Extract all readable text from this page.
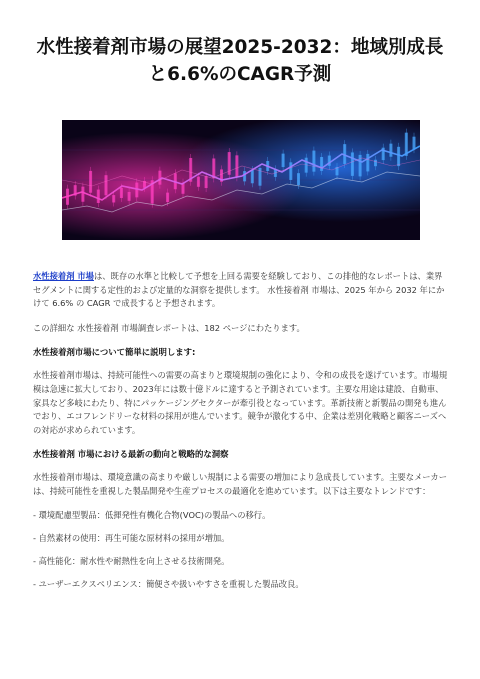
水性接着剤市場の展望2025-2032：地域別成長
と6.6%のCAGR予測

水性接着剤 市場は、既存の水準と比較して予想を上回る需要を経験しており、この排他的なレポートは、業界セグメントに関する定性的および定量的な洞察を提供します。 水性接着剤 市場は、2025 年から 2032 年にかけて 6.6% の CAGR で成長すると予想されます。

この詳細な 水性接着剤 市場調査レポートは、182 ページにわたります。

水性接着剤市場について簡単に説明します:

水性接着剤市場は、持続可能性への需要の高まりと環境規制の強化により、令和の成長を遂げています。市場規模は急速に拡大しており、2023年には数十億ドルに達すると予測されています。主要な用途は建設、自動車、家具など多岐にわたり、特にパッケージングセクターが牽引役となっています。革新技術と新製品の開発も進んでおり、エコフレンドリーな材料の採用が進んでいます。競争が激化する中、企業は差別化戦略と顧客ニーズへの対応が求められています。

水性接着剤 市場における最新の動向と戦略的な洞察

水性接着剤市場は、環境意識の高まりや厳しい規制による需要の増加により急成長しています。主要なメーカーは、持続可能性を重視した製品開発や生産プロセスの最適化を進めています。以下は主要なトレンドです：

- 環境配慮型製品：低揮発性有機化合物(VOC)の製品への移行。

- 自然素材の使用：再生可能な原材料の採用が増加。

- 高性能化：耐水性や耐熱性を向上させる技術開発。

- ユーザーエクスペリエンス：簡便さや扱いやすさを重視した製品改良。
